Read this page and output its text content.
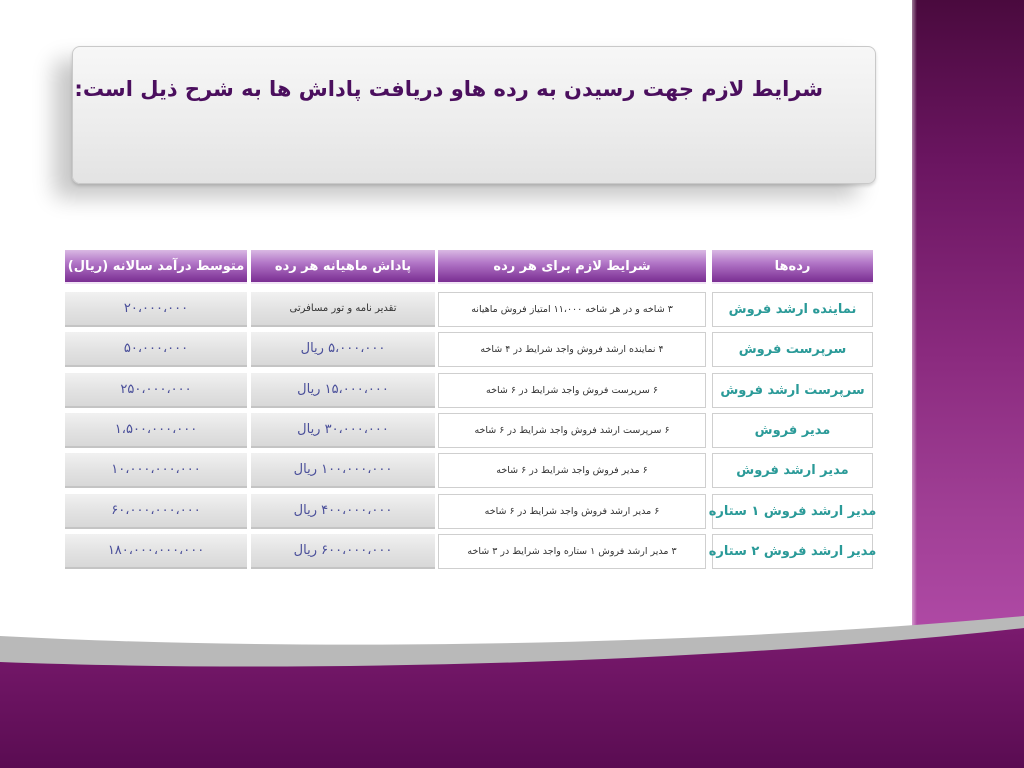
شرایط لازم جهت رسیدن به رده هاو دریافت پاداش ها به شرح ذیل است:
رده‌ها
شرایط لازم برای هر رده
پاداش ماهیانه هر رده
متوسط درآمد سالانه (ریال)
نماینده ارشد فروش
۳ شاخه و در هر شاخه ۱۱،۰۰۰ امتیاز فروش ماهیانه
تقدیر نامه و تور مسافرتی
۲۰،۰۰۰،۰۰۰
سرپرست فروش
۴ نماینده ارشد فروش واجد شرایط در ۴ شاخه
۵،۰۰۰،۰۰۰ ریال
۵۰،۰۰۰،۰۰۰
سرپرست ارشد فروش
۶ سرپرست فروش واجد شرایط در ۶ شاخه
۱۵،۰۰۰،۰۰۰ ریال
۲۵۰،۰۰۰،۰۰۰
مدیر فروش
۶ سرپرست ارشد فروش واجد شرایط در ۶ شاخه
۳۰،۰۰۰،۰۰۰ ریال
۱،۵۰۰،۰۰۰،۰۰۰
مدیر ارشد فروش
۶ مدیر فروش واجد شرایط در ۶ شاخه
۱۰۰،۰۰۰،۰۰۰ ریال
۱۰،۰۰۰،۰۰۰،۰۰۰
مدیر ارشد فروش ۱ ستاره
۶ مدیر ارشد فروش واجد شرایط در ۶ شاخه
۴۰۰،۰۰۰،۰۰۰ ریال
۶۰،۰۰۰،۰۰۰،۰۰۰
مدیر ارشد فروش ۲ ستاره
۳ مدیر ارشد فروش ۱ ستاره واجد شرایط در ۳ شاخه
۶۰۰،۰۰۰،۰۰۰ ریال
۱۸۰،۰۰۰،۰۰۰،۰۰۰
